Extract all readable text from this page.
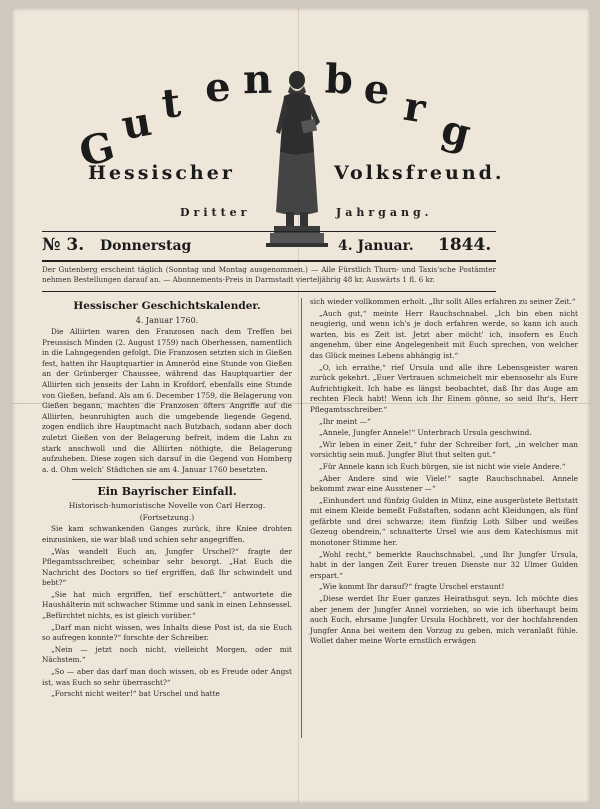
G
u t e n b e r g
Hessischer	Volksfreund.
Dritter	Jahrgang.
№ 3. Donnerstag	4. Januar. 1844.
Der Gutenberg erscheint täglich (Sonntag und Montag ausgenommen.) — Alle Fürstlich Thurn- und Taxis'sche Postämter nehmen Bestellungen darauf an. — Abonnements-Preis in Darmstadt vierteljährig 48 kr. Auswärts 1 fl. 6 kr.
Hessischer Geschichtskalender.
4. Januar 1760.

Die Alliirten waren den Franzosen nach dem Treffen bei Preussisch Minden (2. August 1759) nach Oberhessen, namentlich in die Lahngegenden gefolgt. Die Franzosen setzten sich in Gießen fest, hatten ihr Hauptquartier in Amneröd eine Stunde von Gießen an der Grünberger Chaussee, während das Hauptquartier der Alliirten sich jenseits der Lahn in Krofdorf, ebenfalls eine Stunde von Gießen, befand. Als am 6. December 1759, die Belagerung von Gießen begann, machten die Franzosen öfters Angriffe auf die Alliirten, beunruhigten auch die umgebende liegende Gegend, zogen endlich ihre Hauptmacht nach Butzbach, sodann aber doch zuletzt Gießen von der Belagerung befreit, indem die Lahn zu stark anschwoll und die Alliirten nöthigte, die Belagerung aufzuheben. Diese zogen sich darauf in die Gegend von Homberg a. d. Ohm welch' Städtchen sie am 4. Januar 1760 besetzten.

Ein Bayrischer Einfall.
Historisch-humoristische Novelle von Carl Herzog.
(Fortsetzung.)

Sie kam schwankenden Ganges zurück, ihre Kniee drohten einzusinken, sie war blaß und schien sehr angegriffen.

„Was wandelt Euch an, Jungfer Urschel?“ fragte der Pflegamtsschreiber, scheinbar sehr besorgt. „Hat Euch die Nachricht des Doctors so tief ergriffen, daß Ihr schwindelt und bebt?“

„Sie hat mich ergriffen, tief erschüttert,“ antwortete die Haushälterin mit schwacher Stimme und sank in einen Lehnsessel. „Befürchtet nichts, es ist gleich vorüber.“

„Darf man nicht wissen, wes Inhalts diese Post ist, da sie Euch so aufregen konnte?“ forschte der Schreiber.

„Nein — jetzt noch nicht, vielleicht Morgen, oder mit Nächstem.“

„So — aber das darf man doch wissen, ob es Freude oder Angst ist, was Euch so sehr überrascht?“

„Forscht nicht weiter!“ bat Urschel und hatte

sich wieder vollkommen erholt. „Ihr sollt Alles erfahren zu seiner Zeit.“

„Auch gut,“ meinte Herr Rauchschnabel. „Ich bin eben nicht neugierig, und wenn ich's je doch erfahren werde, so kann ich auch warten, bis es Zeit ist. Jetzt aber möcht' ich, insofern es Euch angenehm, über eine Angelegenheit mit Euch sprechen, von welcher das Glück meines Lebens abhängig ist.“

„O, ich errathe,“ rief Ursula und alle ihre Lebensgeister waren zurück gekehrt. „Euer Vertrauen schmeichelt mir ebensosehr als Eure Aufrichtigkeit. Ich habe es längst beobachtet, daß Ihr das Auge am rechten Fleck habt! Wenn ich Ihr Einem gönne, so seid Ihr's, Herr Pflegamtsschreiber.“

„Ihr meint —“

„Annele, Jungfer Annele!“ Unterbrach Ursula geschwind.

„Wir leben in einer Zeit,“ fuhr der Schreiber fort, „in welcher man vorsichtig sein muß. Jungfer Blut thut selten gut.“

„Für Annele kann ich Euch bürgen, sie ist nicht wie viele Andere.“

„Aber Andere sind wie Viele!“ sagte Rauchschnabel. Annele bekommt zwar eine Ausstener —“

„Einhundert und fünfzig Gulden in Münz, eine ausgerüstete Bettstatt mit einem Kleide bemeßt Fußstaften, sodann acht Kleidungen, als fünf gefärbte und drei schwarze; item fünfzig Loth Silber und weißes Gezeug obendrein,“ schnatterte Ursel wie aus dem Katechismus mit monotoner Stimme her.

„Wohl recht,“ bemerkte Rauchschnabel, „und Ihr Jungfer Ursula, habt in der langen Zeit Eurer treuen Dienste nur 32 Ulmer Gulden erspart.“

„Wie kommt Ihr darauf?“ fragte Urschel erstaunt!

„Diese werdet Ihr Euer ganzes Heirathsgut seyn. Ich möchte dies aber jenem der Jungfer Annel vorziehen, so wie ich überhaupt beim auch Euch, ehrsame Jungfer Ursula Hochbrett, vor der hochfahrenden Jungfer Anna bei weitem den Vorzug zu geben, mich veranlaßt fühle. Wollet daher meine Worte ernstlich erwägen
